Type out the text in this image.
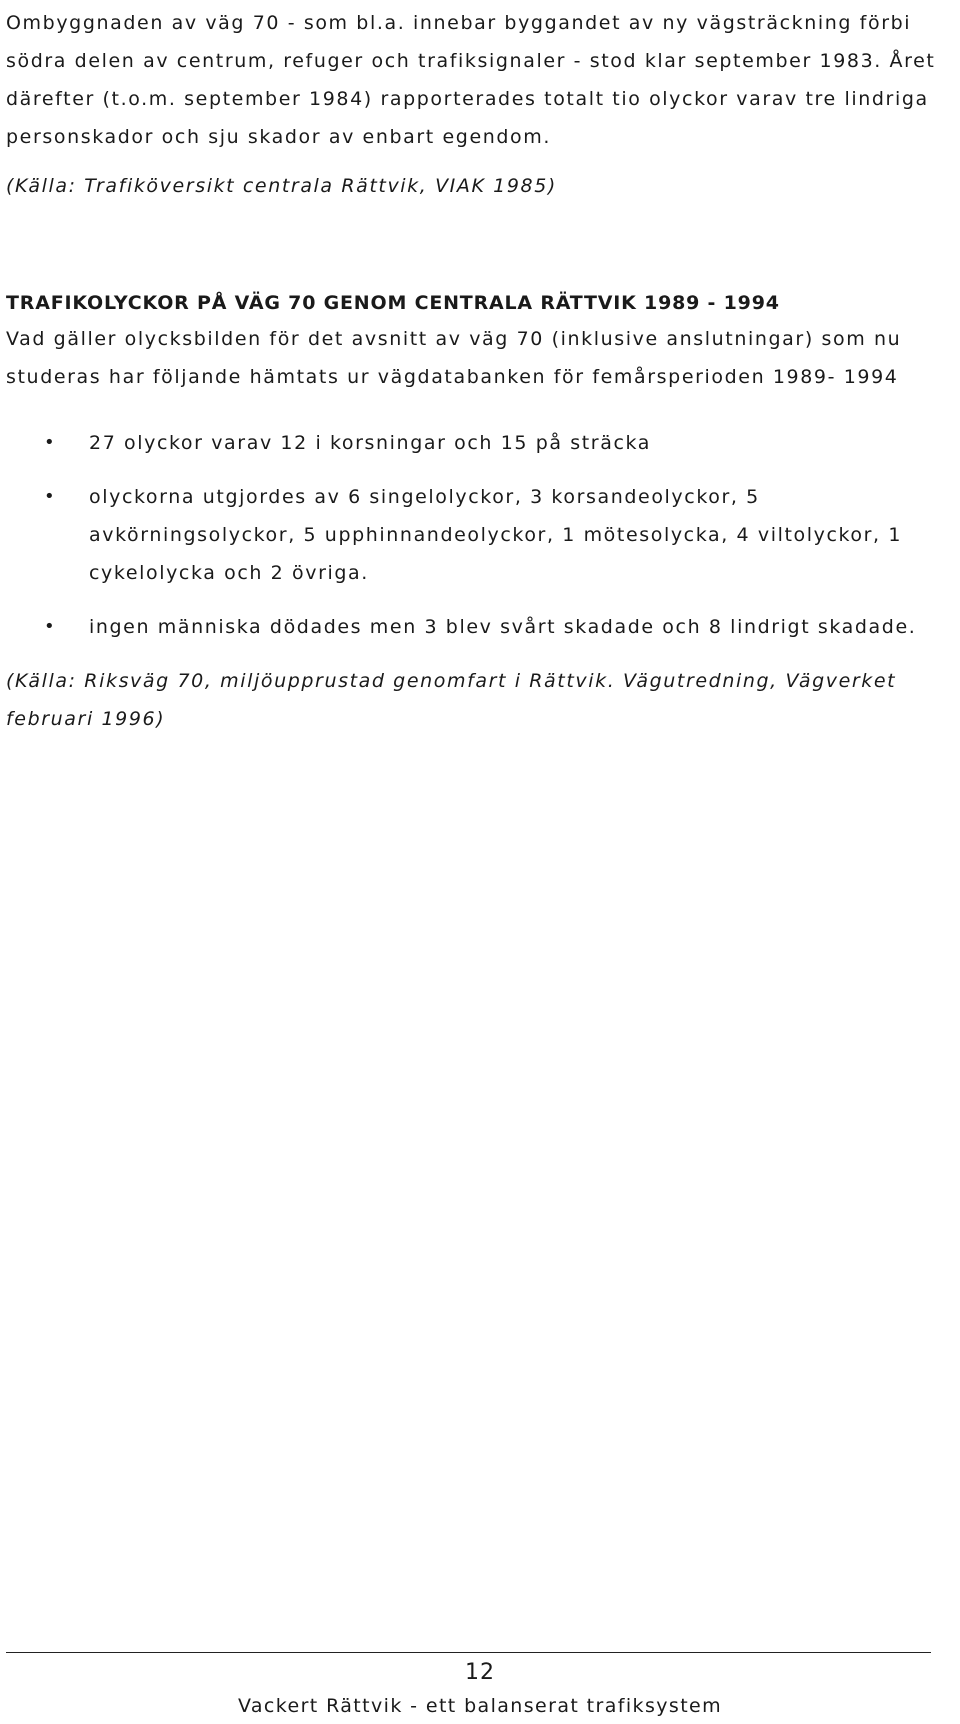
Ombyggnaden av väg 70 - som bl.a. innebar byggandet av ny vägsträckning förbi södra delen av centrum, refuger och trafiksignaler - stod klar september 1983. Året därefter (t.o.m. september 1984) rapporterades totalt tio olyckor varav tre lindriga personskador och sju skador av enbart egendom.

(Källa: Trafiköversikt centrala Rättvik, VIAK 1985)

TRAFIKOLYCKOR PÅ VÄG 70 GENOM CENTRALA RÄTTVIK 1989 - 1994

Vad gäller olycksbilden för det avsnitt av väg 70 (inklusive anslutningar) som nu studeras har följande hämtats ur vägdatabanken för femårsperioden 1989- 1994

• 27 olyckor varav 12 i korsningar och 15 på sträcka
• olyckorna utgjordes av 6 singelolyckor, 3 korsandeolyckor, 5 avkörningsolyckor, 5 upphinnandeolyckor, 1 mötesolycka, 4 viltolyckor, 1 cykelolycka och 2 övriga.
• ingen människa dödades men 3 blev svårt skadade och 8 lindrigt skadade.

(Källa: Riksväg 70, miljöupprustad genomfart i Rättvik. Vägutredning, Vägverket februari 1996)

12

Vackert Rättvik - ett balanserat trafiksystem
